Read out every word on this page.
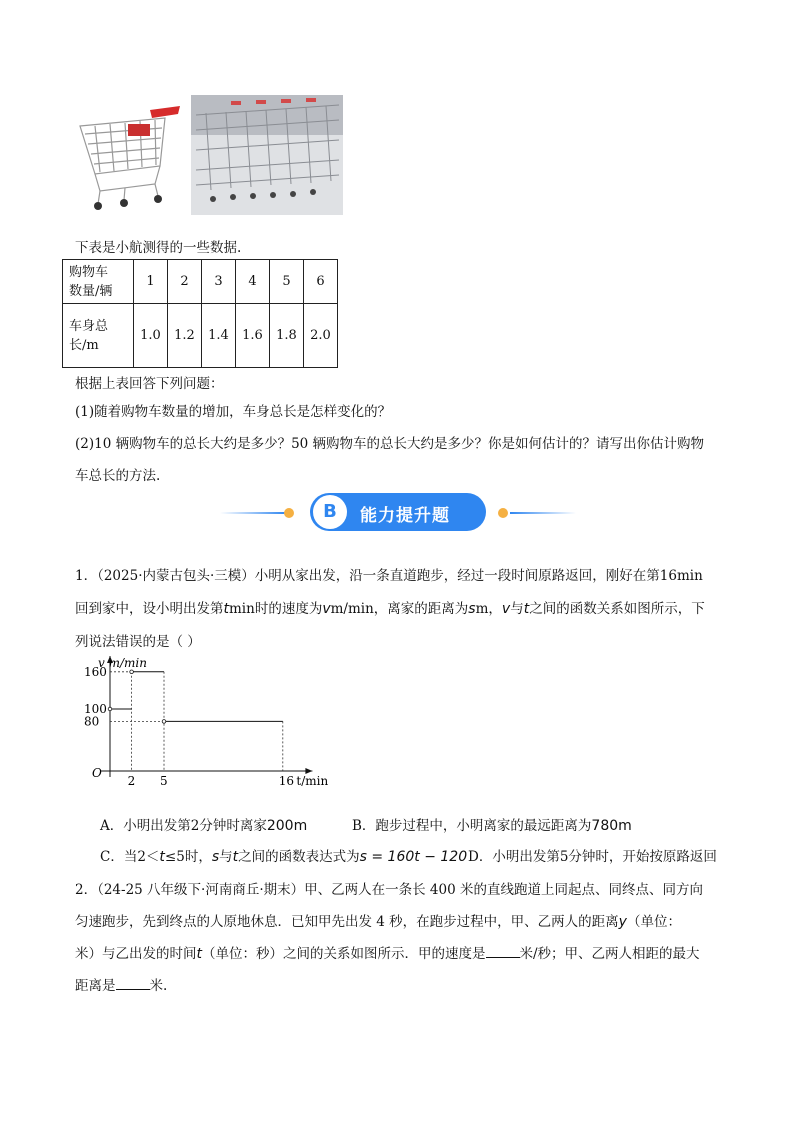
下表是小航测得的一些数据.
购物车
数量/辆	1	2	3	4	5	6

车身总
长/m	1.0	1.2	1.4	1.6	1.8	2.0
根据上表回答下列问题：
(1)随着购物车数量的增加，车身总长是怎样变化的？
(2)10 辆购物车的总长大约是多少？50 辆购物车的总长大约是多少？你是如何估计的？请写出你估计购物
车总长的方法.
B	能力提升题
1．（2025·内蒙古包头·三模）小明从家出发，沿一条直道跑步，经过一段时间原路返回，刚好在第16min
回到家中，设小明出发第tmin时的速度为vm/min，离家的距离为sm，v与t之间的函数关系如图所示，下
列说法错误的是（ ）
v m/min
t/min
O
2 5	16
160
100
80
A．小明出发第2分钟时离家200m	B．跑步过程中，小明离家的最远距离为780m
C．当2＜t≤5时，s与t之间的函数表达式为s = 160t − 120 D．小明出发第5分钟时，开始按原路返回
2．（24-25 八年级下·河南商丘·期末）甲、乙两人在一条长 400 米的直线跑道上同起点、同终点、同方向
匀速跑步，先到终点的人原地休息．已知甲先出发 4 秒，在跑步过程中，甲、乙两人的距离y（单位：
米）与乙出发的时间t（单位：秒）之间的关系如图所示．甲的速度是	米/秒；甲、乙两人相距的最大
距离是	米.
